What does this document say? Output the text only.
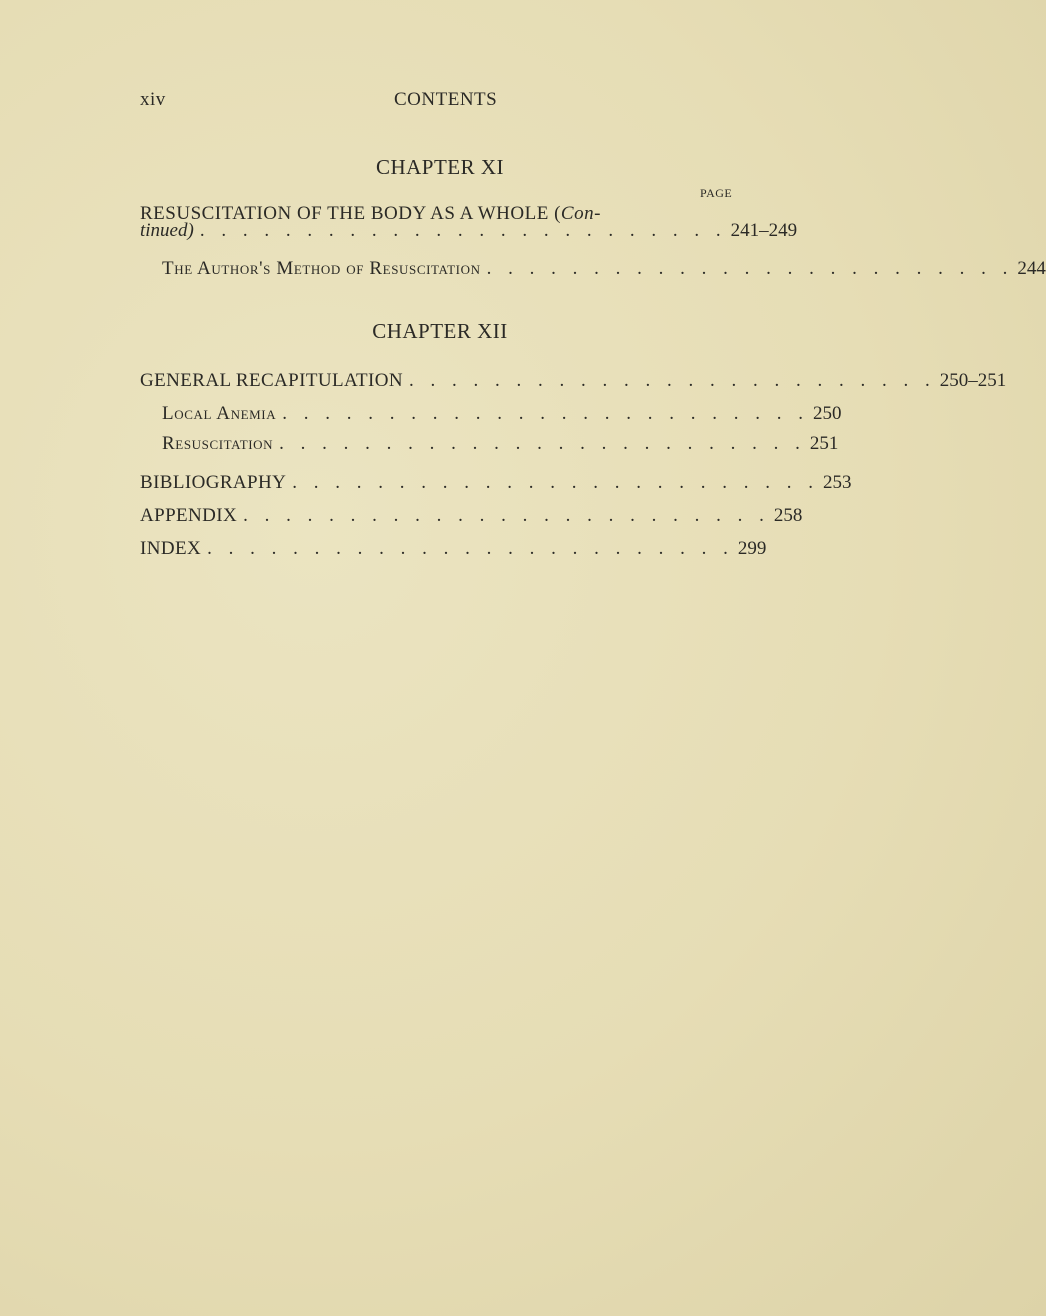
xiv	CONTENTS
CHAPTER XI
PAGE
RESUSCITATION OF THE BODY AS A WHOLE (Con-
tinued) . . . . . . . . . . . . . . . . . . . . . . . . . 241–249
The Author's Method of Resuscitation . . . . . . . . . . . . . . . . . . . . . . . . . 244
CHAPTER XII
GENERAL RECAPITULATION . . . . . . . . . . . . . . . . . . . . . . . . . 250–251
Local Anemia . . . . . . . . . . . . . . . . . . . . . . . . . 250
Resuscitation . . . . . . . . . . . . . . . . . . . . . . . . . 251
BIBLIOGRAPHY . . . . . . . . . . . . . . . . . . . . . . . . . 253
APPENDIX . . . . . . . . . . . . . . . . . . . . . . . . . 258
INDEX . . . . . . . . . . . . . . . . . . . . . . . . . 299
